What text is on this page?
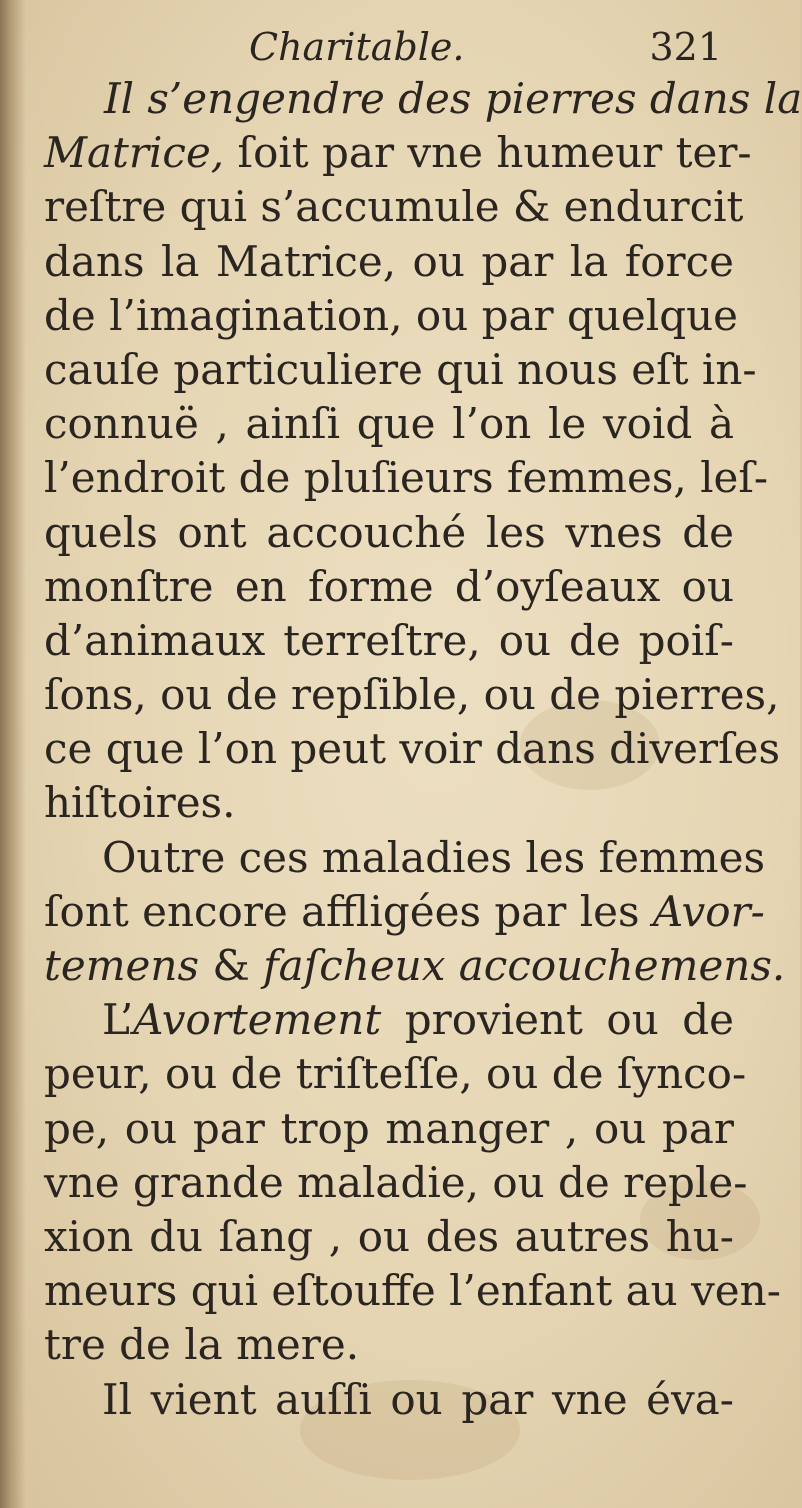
Charitable.	321
Il s’engendre des pierres dans la
Matrice, ſoit par vne humeur ter-
reſtre qui s’accumule & endurcit
dans la Matrice, ou par la force
de l’imagination, ou par quelque
cauſe particuliere qui nous eſt in-
connuë , ainſi que l’on le void à
l’endroit de pluſieurs femmes, leſ-
quels ont accouché les vnes de
monſtre en forme d’oyſeaux ou
d’animaux terreſtre, ou de poiſ-
ſons, ou de repſible, ou de pierres,
ce que l’on peut voir dans diverſes
hiſtoires.
Outre ces maladies les femmes
ſont encore affligées par les Avor-
temens & faſcheux accouchemens.
L’Avortement provient ou de
peur, ou de triſteſſe, ou de ſynco-
pe, ou par trop manger , ou par
vne grande maladie, ou de reple-
xion du ſang , ou des autres hu-
meurs qui eſtouffe l’enfant au ven-
tre de la mere.
Il vient auſſi ou par vne éva-
